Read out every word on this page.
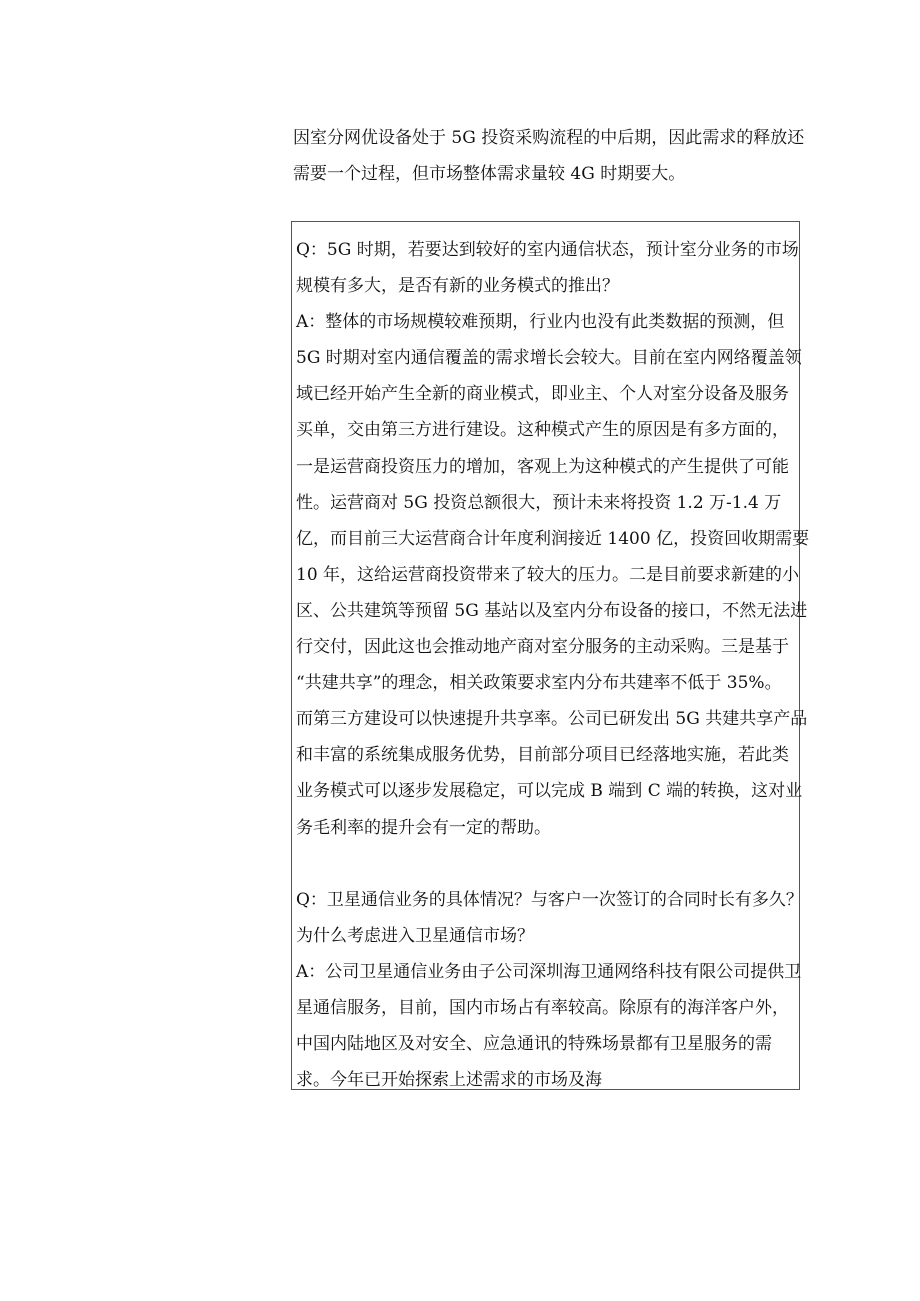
因室分网优设备处于 5G 投资采购流程的中后期，因此需求的释放还
需要一个过程，但市场整体需求量较 4G 时期要大。
Q：5G 时期，若要达到较好的室内通信状态，预计室分业务的市场
规模有多大，是否有新的业务模式的推出？
A：整体的市场规模较难预期，行业内也没有此类数据的预测，但
5G 时期对室内通信覆盖的需求增长会较大。目前在室内网络覆盖领
域已经开始产生全新的商业模式，即业主、个人对室分设备及服务
买单，交由第三方进行建设。这种模式产生的原因是有多方面的，
一是运营商投资压力的增加，客观上为这种模式的产生提供了可能
性。运营商对 5G 投资总额很大，预计未来将投资 1.2 万-1.4 万
亿，而目前三大运营商合计年度利润接近 1400 亿，投资回收期需要
10 年，这给运营商投资带来了较大的压力。二是目前要求新建的小
区、公共建筑等预留 5G 基站以及室内分布设备的接口，不然无法进
行交付，因此这也会推动地产商对室分服务的主动采购。三是基于
“共建共享”的理念，相关政策要求室内分布共建率不低于 35%。
而第三方建设可以快速提升共享率。公司已研发出 5G 共建共享产品
和丰富的系统集成服务优势，目前部分项目已经落地实施，若此类
业务模式可以逐步发展稳定，可以完成 B 端到 C 端的转换，这对业
务毛利率的提升会有一定的帮助。
Q：卫星通信业务的具体情况？与客户一次签订的合同时长有多久？
为什么考虑进入卫星通信市场？
A：公司卫星通信业务由子公司深圳海卫通网络科技有限公司提供卫
星通信服务，目前，国内市场占有率较高。除原有的海洋客户外，
中国内陆地区及对安全、应急通讯的特殊场景都有卫星服务的需
求。今年已开始探索上述需求的市场及海
